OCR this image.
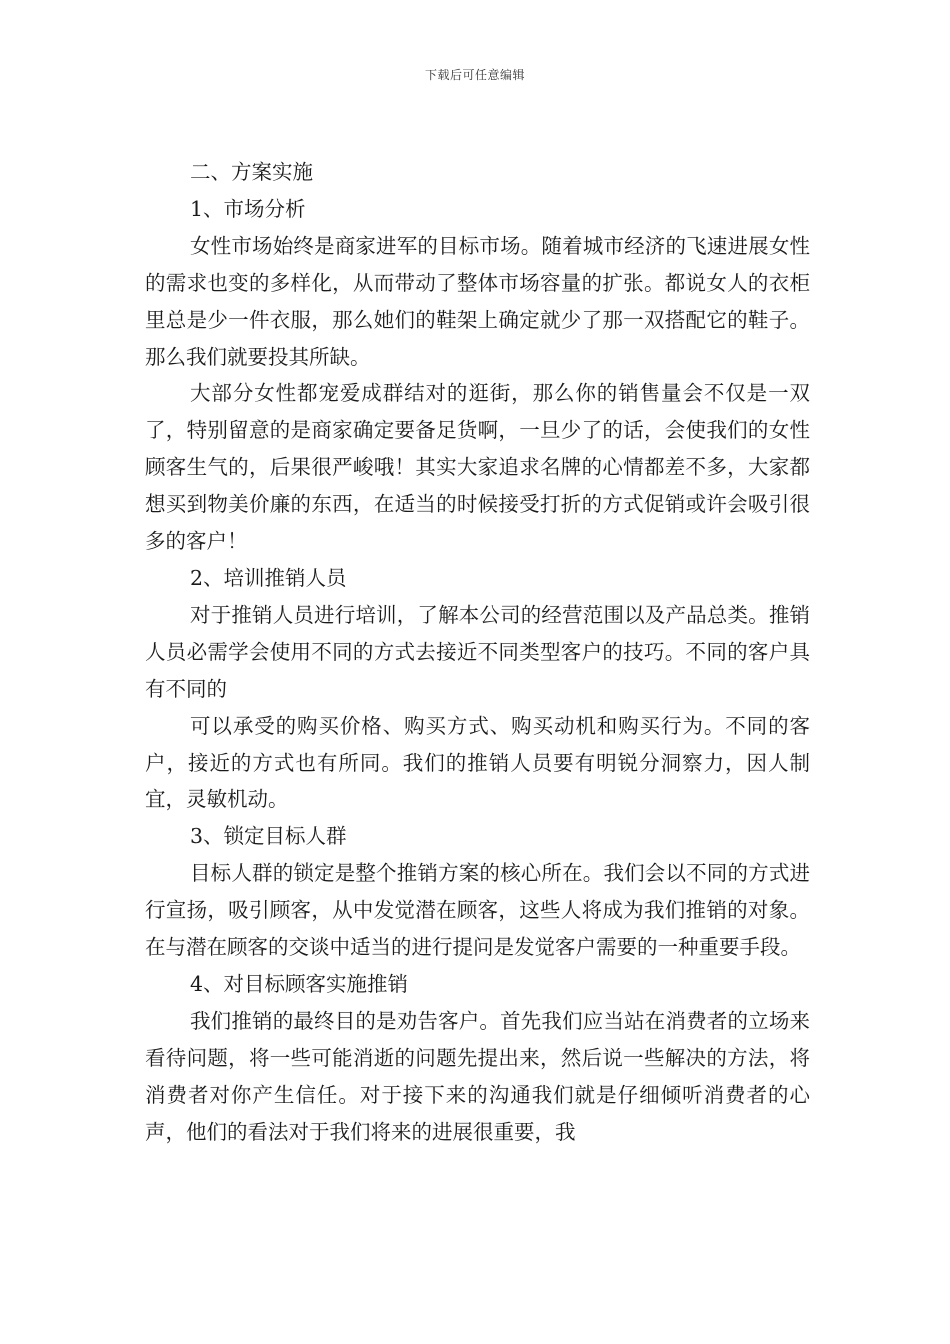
下载后可任意编辑

二、方案实施

1、市场分析

女性市场始终是商家进军的目标市场。随着城市经济的飞速进展女性的需求也变的多样化，从而带动了整体市场容量的扩张。都说女人的衣柜里总是少一件衣服，那么她们的鞋架上确定就少了那一双搭配它的鞋子。那么我们就要投其所缺。

大部分女性都宠爱成群结对的逛街，那么你的销售量会不仅是一双了，特别留意的是商家确定要备足货啊，一旦少了的话，会使我们的女性顾客生气的，后果很严峻哦！其实大家追求名牌的心情都差不多，大家都想买到物美价廉的东西，在适当的时候接受打折的方式促销或许会吸引很多的客户！

2、培训推销人员

对于推销人员进行培训，了解本公司的经营范围以及产品总类。推销人员必需学会使用不同的方式去接近不同类型客户的技巧。不同的客户具有不同的

可以承受的购买价格、购买方式、购买动机和购买行为。不同的客户，接近的方式也有所同。我们的推销人员要有明锐分洞察力，因人制宜，灵敏机动。

3、锁定目标人群

目标人群的锁定是整个推销方案的核心所在。我们会以不同的方式进行宣扬，吸引顾客，从中发觉潜在顾客，这些人将成为我们推销的对象。在与潜在顾客的交谈中适当的进行提问是发觉客户需要的一种重要手段。

4、对目标顾客实施推销

我们推销的最终目的是劝告客户。首先我们应当站在消费者的立场来看待问题，将一些可能消逝的问题先提出来，然后说一些解决的方法，将消费者对你产生信任。对于接下来的沟通我们就是仔细倾听消费者的心声，他们的看法对于我们将来的进展很重要，我
